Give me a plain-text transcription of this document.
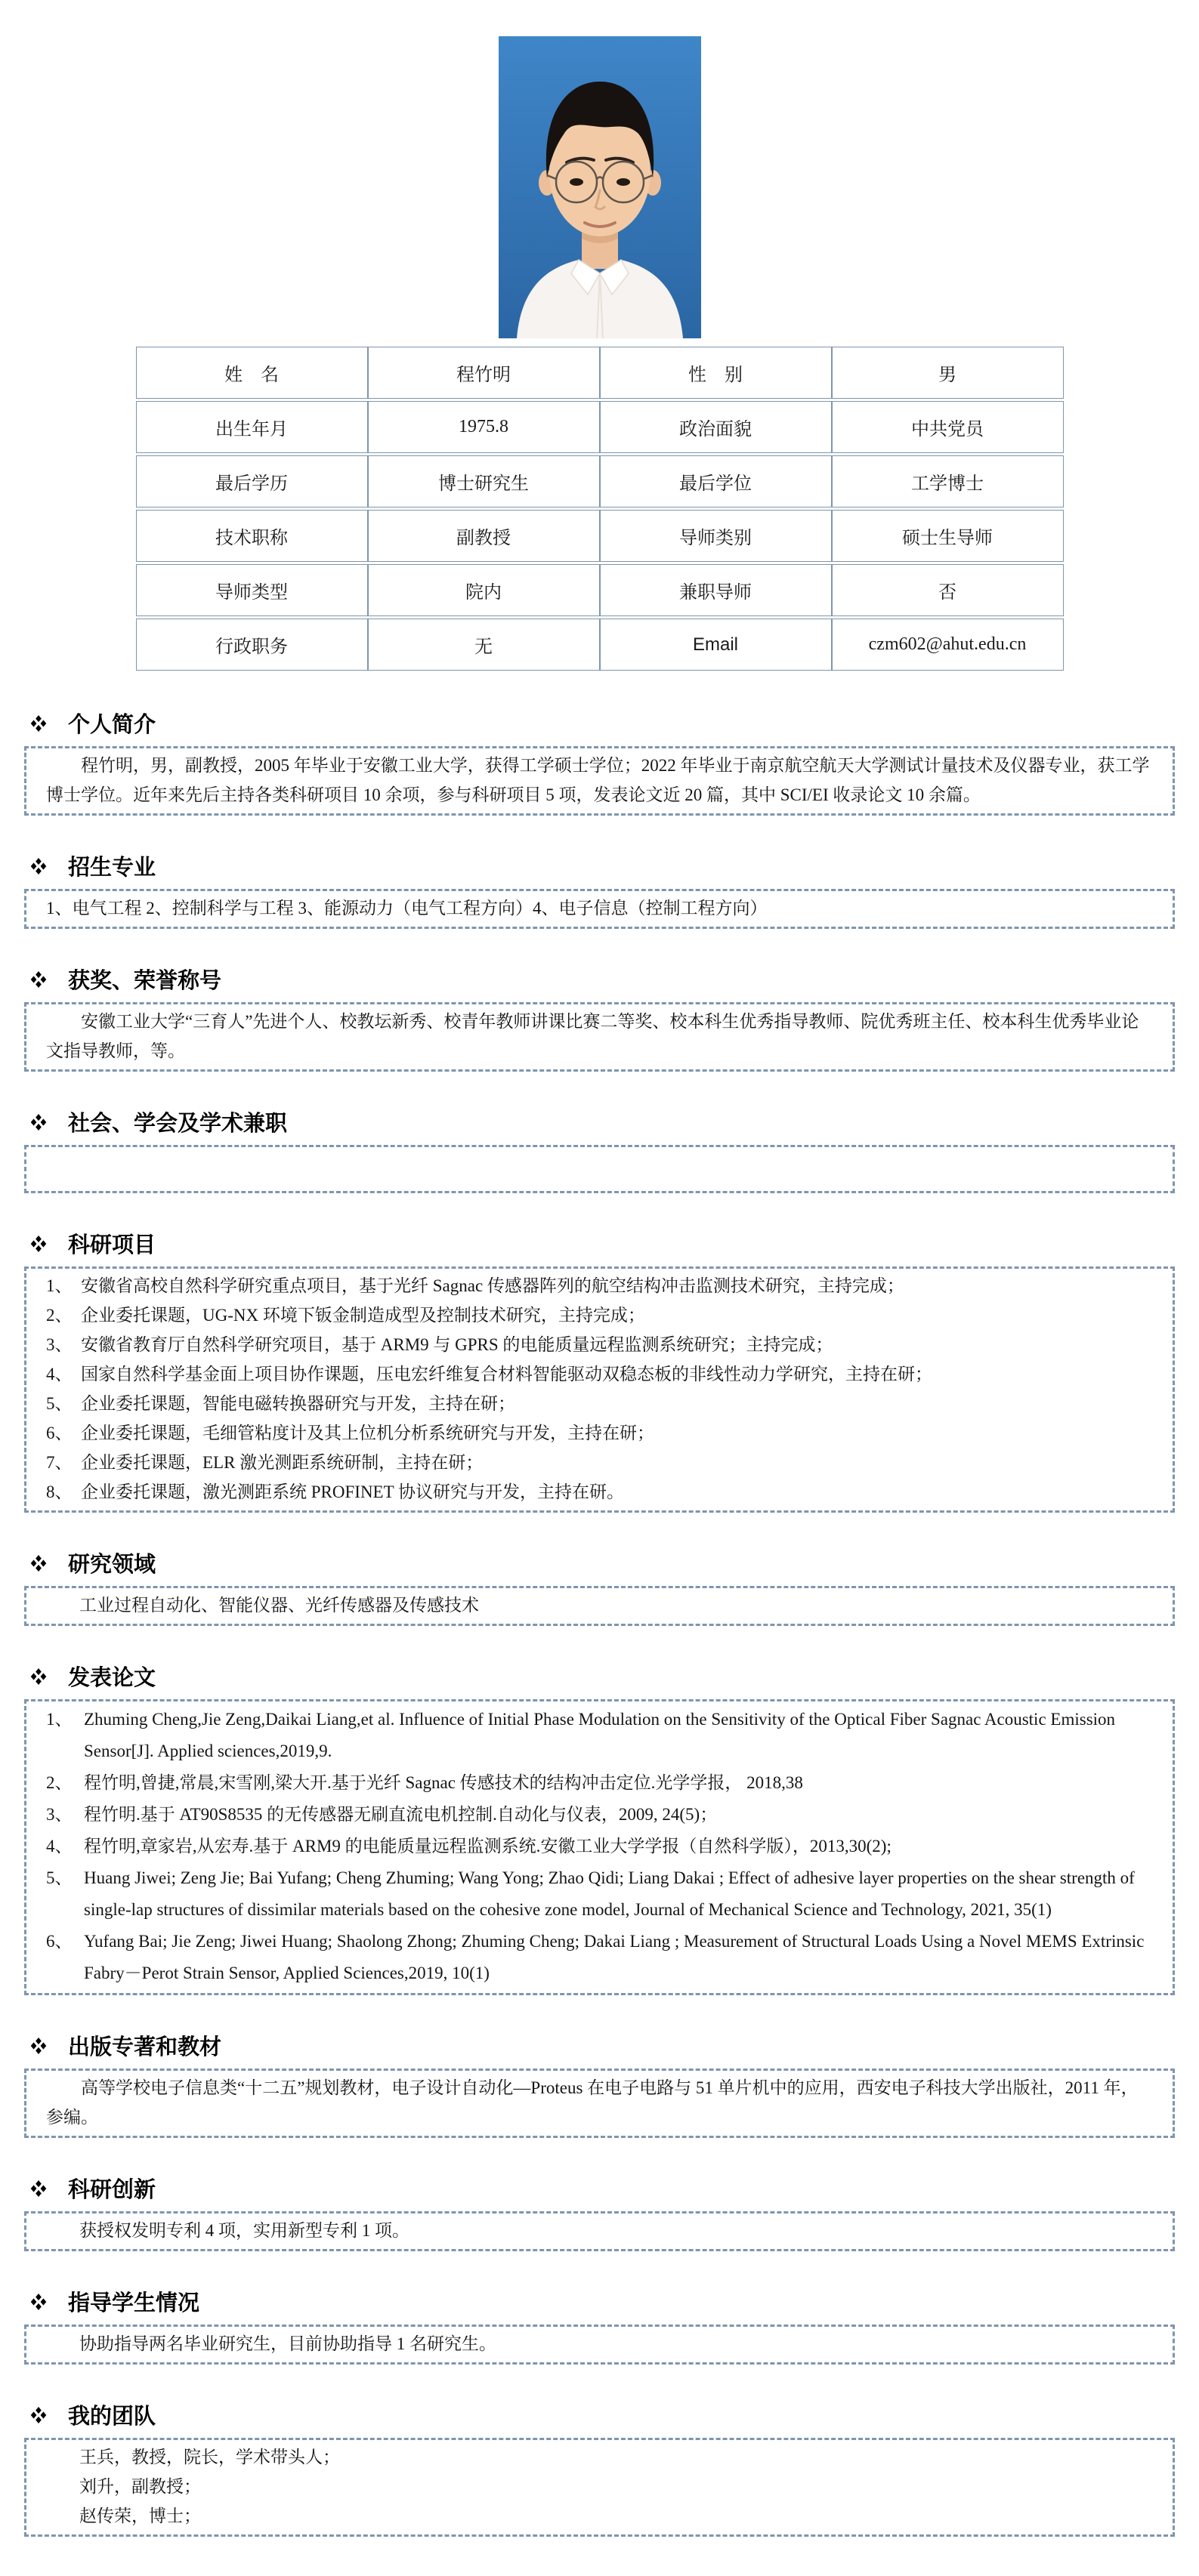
姓　名	程竹明	性　别	男
出生年月	1975.8	政治面貌	中共党员
最后学历	博士研究生	最后学位	工学博士
技术职称	副教授	导师类别	硕士生导师
导师类型	院内	兼职导师	否
行政职务	无	Email	czm602@ahut.edu.cn
个人简介

程竹明，男，副教授，2005 年毕业于安徽工业大学，获得工学硕士学位；2022 年毕业于南京航空航天大学测试计量技术及仪器专业，获工学博士学位。近年来先后主持各类科研项目 10 余项，参与科研项目 5 项，发表论文近 20 篇，其中 SCI/EI 收录论文 10 余篇。

招生专业

1、电气工程 2、控制科学与工程 3、能源动力（电气工程方向）4、电子信息（控制工程方向）

获奖、荣誉称号

安徽工业大学“三育人”先进个人、校教坛新秀、校青年教师讲课比赛二等奖、校本科生优秀指导教师、院优秀班主任、校本科生优秀毕业论文指导教师，等。

社会、学会及学术兼职

科研项目
1、 安徽省高校自然科学研究重点项目，基于光纤 Sagnac 传感器阵列的航空结构冲击监测技术研究，主持完成；
2、 企业委托课题，UG-NX 环境下钣金制造成型及控制技术研究，主持完成；
3、 安徽省教育厅自然科学研究项目，基于 ARM9 与 GPRS 的电能质量远程监测系统研究；主持完成；
4、 国家自然科学基金面上项目协作课题，压电宏纤维复合材料智能驱动双稳态板的非线性动力学研究，主持在研；
5、 企业委托课题，智能电磁转换器研究与开发，主持在研；
6、 企业委托课题，毛细管粘度计及其上位机分析系统研究与开发，主持在研；
7、 企业委托课题，ELR 激光测距系统研制，主持在研；
8、 企业委托课题，激光测距系统 PROFINET 协议研究与开发，主持在研。
研究领域

工业过程自动化、智能仪器、光纤传感器及传感技术

发表论文
1、 Zhuming Cheng,Jie Zeng,Daikai Liang,et al. Influence of Initial Phase Modulation on the Sensitivity of the Optical Fiber Sagnac Acoustic Emission Sensor[J]. Applied sciences,2019,9.
2、 程竹明,曾捷,常晨,宋雪刚,梁大开.基于光纤 Sagnac 传感技术的结构冲击定位.光学学报， 2018,38
3、 程竹明.基于 AT90S8535 的无传感器无刷直流电机控制.自动化与仪表，2009, 24(5)；
4、 程竹明,章家岩,从宏寿.基于 ARM9 的电能质量远程监测系统.安徽工业大学学报（自然科学版），2013,30(2);
5、 Huang Jiwei; Zeng Jie; Bai Yufang; Cheng Zhuming; Wang Yong; Zhao Qidi; Liang Dakai ; Effect of adhesive layer properties on the shear strength of single-lap structures of dissimilar materials based on the cohesive zone model, Journal of Mechanical Science and Technology, 2021, 35(1)
6、 Yufang Bai; Jie Zeng; Jiwei Huang; Shaolong Zhong; Zhuming Cheng; Dakai Liang ; Measurement of Structural Loads Using a Novel MEMS Extrinsic Fabry－Perot Strain Sensor, Applied Sciences,2019, 10(1)
出版专著和教材

高等学校电子信息类“十二五”规划教材，电子设计自动化—Proteus 在电子电路与 51 单片机中的应用，西安电子科技大学出版社，2011 年，参编。

科研创新

获授权发明专利 4 项，实用新型专利 1 项。

指导学生情况

协助指导两名毕业研究生，目前协助指导 1 名研究生。

我的团队

王兵，教授，院长，学术带头人；

刘升，副教授；

赵传荣，博士；
